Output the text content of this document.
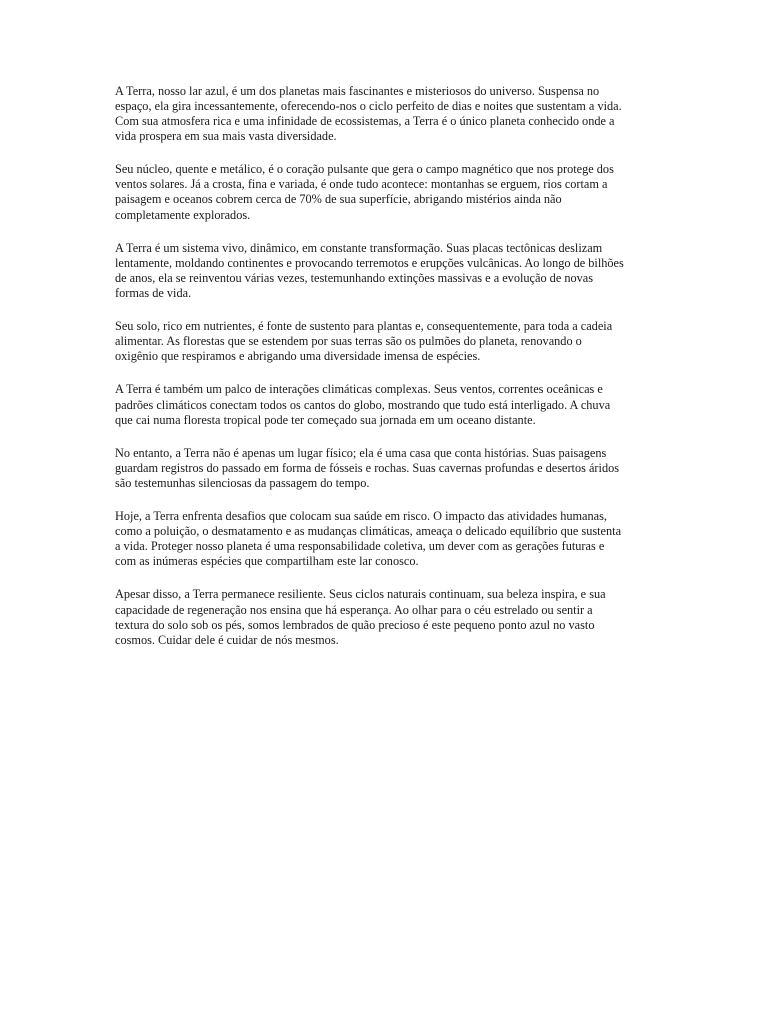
A Terra, nosso lar azul, é um dos planetas mais fascinantes e misteriosos do universo. Suspensa no
espaço, ela gira incessantemente, oferecendo-nos o ciclo perfeito de dias e noites que sustentam a vida.
Com sua atmosfera rica e uma infinidade de ecossistemas, a Terra é o único planeta conhecido onde a
vida prospera em sua mais vasta diversidade.

Seu núcleo, quente e metálico, é o coração pulsante que gera o campo magnético que nos protege dos
ventos solares. Já a crosta, fina e variada, é onde tudo acontece: montanhas se erguem, rios cortam a
paisagem e oceanos cobrem cerca de 70% de sua superfície, abrigando mistérios ainda não
completamente explorados.

A Terra é um sistema vivo, dinâmico, em constante transformação. Suas placas tectônicas deslizam
lentamente, moldando continentes e provocando terremotos e erupções vulcânicas. Ao longo de bilhões
de anos, ela se reinventou várias vezes, testemunhando extinções massivas e a evolução de novas
formas de vida.

Seu solo, rico em nutrientes, é fonte de sustento para plantas e, consequentemente, para toda a cadeia
alimentar. As florestas que se estendem por suas terras são os pulmões do planeta, renovando o
oxigênio que respiramos e abrigando uma diversidade imensa de espécies.

A Terra é também um palco de interações climáticas complexas. Seus ventos, correntes oceânicas e
padrões climáticos conectam todos os cantos do globo, mostrando que tudo está interligado. A chuva
que cai numa floresta tropical pode ter começado sua jornada em um oceano distante.

No entanto, a Terra não é apenas um lugar físico; ela é uma casa que conta histórias. Suas paisagens
guardam registros do passado em forma de fósseis e rochas. Suas cavernas profundas e desertos áridos
são testemunhas silenciosas da passagem do tempo.

Hoje, a Terra enfrenta desafios que colocam sua saúde em risco. O impacto das atividades humanas,
como a poluição, o desmatamento e as mudanças climáticas, ameaça o delicado equilíbrio que sustenta
a vida. Proteger nosso planeta é uma responsabilidade coletiva, um dever com as gerações futuras e
com as inúmeras espécies que compartilham este lar conosco.

Apesar disso, a Terra permanece resiliente. Seus ciclos naturais continuam, sua beleza inspira, e sua
capacidade de regeneração nos ensina que há esperança. Ao olhar para o céu estrelado ou sentir a
textura do solo sob os pés, somos lembrados de quão precioso é este pequeno ponto azul no vasto
cosmos. Cuidar dele é cuidar de nós mesmos.
